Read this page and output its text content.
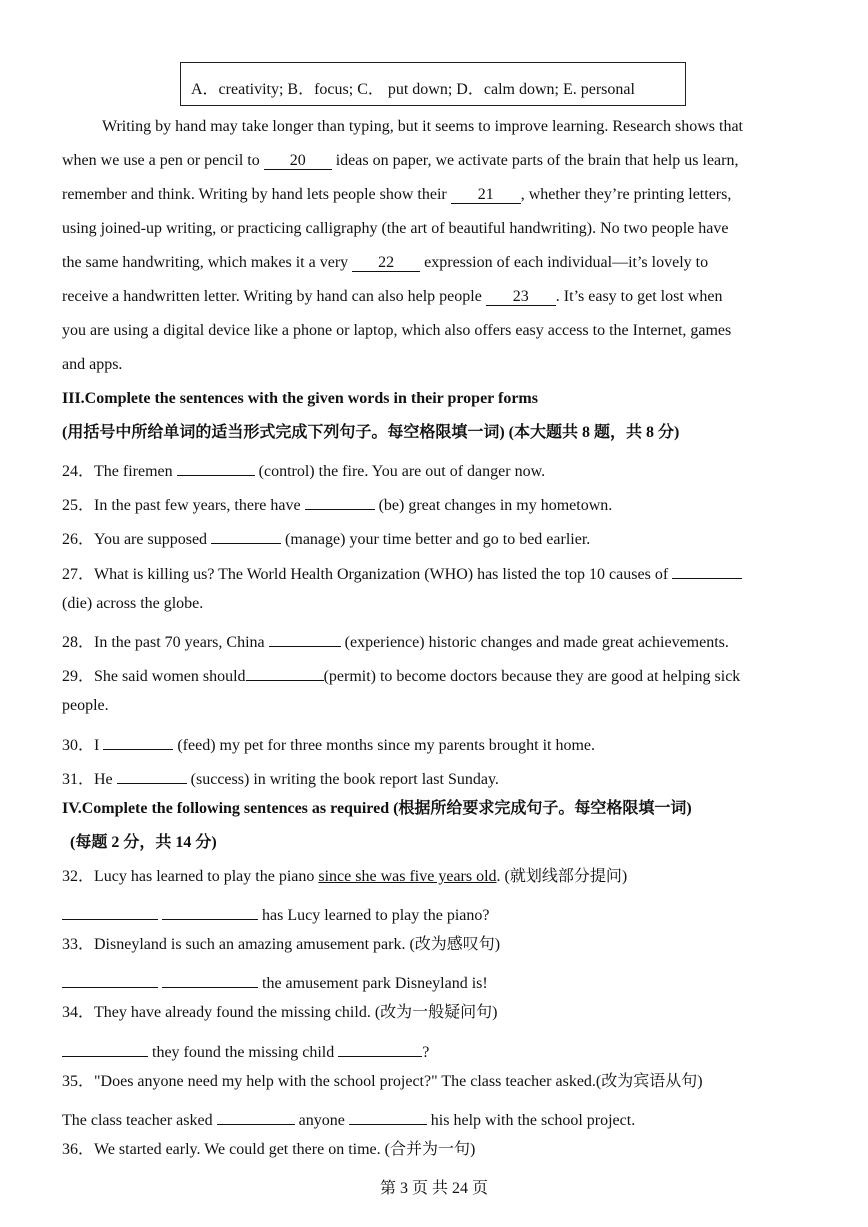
A．creativity; B．focus; C． put down; D．calm down; E. personal
Writing by hand may take longer than typing, but it seems to improve learning. Research shows that
when we use a pen or pencil to 20 ideas on paper, we activate parts of the brain that help us learn,
remember and think. Writing by hand lets people show their 21 , whether they’re printing letters,
using joined-up writing, or practicing calligraphy (the art of beautiful handwriting). No two people have
the same handwriting, which makes it a very 22 expression of each individual—it’s lovely to
receive a handwritten letter. Writing by hand can also help people 23 . It’s easy to get lost when
you are using a digital device like a phone or laptop, which also offers easy access to the Internet, games
and apps.
III.Complete the sentences with the given words in their proper forms
(用括号中所给单词的适当形式完成下列句子。每空格限填一词) (本大题共 8 题，共 8 分)
24．The firemen	(control) the fire. You are out of danger now.
25．In the past few years, there have	(be) great changes in my hometown.
26．You are supposed	(manage) your time better and go to bed earlier.
27．What is killing us? The World Health Organization (WHO) has listed the top 10 causes of
(die) across the globe.
28．In the past 70 years, China	(experience) historic changes and made great achievements.
29．She said women should	(permit) to become doctors because they are good at helping sick
people.
30．I	(feed) my pet for three months since my parents brought it home.
31．He	(success) in writing the book report last Sunday.
IV.Complete the following sentences as required (根据所给要求完成句子。每空格限填一词)
(每题 2 分，共 14 分)
32．Lucy has learned to play the piano since she was five years old. (就划线部分提问)
has Lucy learned to play the piano?
33．Disneyland is such an amazing amusement park. (改为感叹句)
the amusement park Disneyland is!
34．They have already found the missing child. (改为一般疑问句)
they found the missing child	?
35．"Does anyone need my help with the school project?" The class teacher asked.(改为宾语从句)
The class teacher asked	anyone	his help with the school project.
36．We started early. We could get there on time. (合并为一句)
第 3 页 共 24 页
